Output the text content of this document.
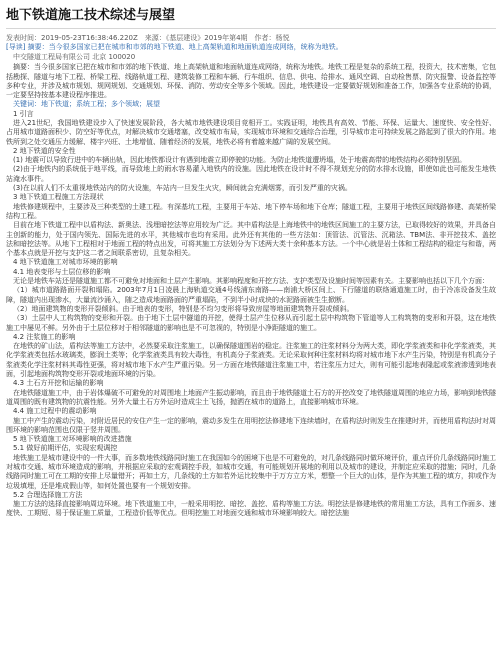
地下铁道施工技术综述与展望
发表时间：2019-05-23T16:38:46.220Z　来源：《基层建设》2019年第4期　作者：杨悦
[导读] 摘要：当今很多国家已把在城市和市郊的地下铁道、地上高架轨道和地面轨道连成网络，统称为地铁。
　中交隧道工程局有限公司 北京 100020
摘要：当今很多国家已把在城市和市郊的地下铁道、地上高架轨道和地面轨道连成网络，统称为地铁。地铁工程是复杂的系统工程，投资大，技术密集，它包括勘探、隧道与地下工程、桥梁工程、线路轨道工程、建筑装修工程和车辆、行车组织、信息、供电、给排水、通风空调、自动检售票、防灾报警、设备监控等多种专业，并涉及城市规划、规网规划、交通规划、环保、消防、劳动安全等多个领域。因此，地铁建设一定要做好规划和准备工作，加强各专业系统的协调，一定要坚持按基本建设程序推进。
关键词：地下铁道；系统工程；多个领域；展望
1 引言
进入21世纪，我国地铁建设步入了快速发展阶段，各大城市地铁建设项目竞相开工。实践证明，地铁具有高效、节能、环保、运量大、速度快、安全性好、占用城市道路面积少、防空好等优点，对解决城市交通堵塞，改变城市布局，实现城市环境和交通综合治理，引导城市走可持续发展之路起到了很大的作用。地铁所到之处交通压力缓解、楼宇兴旺、土地增值、随着经济的发展，地铁必将有着越来越广阔的发展空间。
2 地下铁道的安全性
(1) 地震可以导致行进中的车辆出轨，因此地铁都设计有遇到地震立即停驶的功能。为防止地铁道遭坍塌，处于地震高带的地铁结构必须特别坚固。
(2)由于地铁内的系统低于地平线，而导致地上的雨水容易灌入地铁内的设施。因此地铁在设计时不得不规划充分的防水排水设施，即使如此也可能发生地铁站淹水事件。
(3)在以前人们不太重视地铁站内的防火设施，车站内一旦发生火灾，瞬间就会充满烟雾，而引发严重的灾祸。
3 地下铁道工程施工方法现状
地铁修建规程中，主要涉及三种类型的土建工程。有深基坑工程，主要用于车站、地下停车场和地下仓库；隧道工程，主要用于地铁区间线路修建、高架桥梁结构工程。
目前在地下铁道工程中以盾构法、新奥法、浅埋暗挖法等应用较为广泛。其中盾构法是上海地铁中的地铁区间施工的主要方法，已取得较好的效果，并具备自主创新的能力，处于国内领先、国际先进的水平，其他城市也均有采用。此外还有其他的一些方法如：顶管法、沉管法、沉箱法、TBM法、非开挖技术、盖挖法和暗挖法等。从地下工程相对于地面工程的特点出发，可将其施工方法划分为下述两大类十余种基本方法。一个中心就是岩土体和工程结构的稳定与和谐，两个基本点就是开挖与支护这二者之间联系密切，且复杂相关。
4 地下铁道施工对城市环境的影响
4.1 地表变形与土层位移的影响
无论是地铁车站还是隧道施工都不可避免对地面和土层产生影响。其影响程度和开挖方法、支护类型及设施时间等因素有关。主要影响也括以下几个方面：
（1）城市道路路面开裂和塌陷。2003年7月1日凌晨上海轨道交通4号线浦东南路——南浦大桥区间上、下行隧道的联络通道施工时，由于冷冻设备发生故障，隧道内出现渗水，大量流沙涌入，随之造成地面路面的严重塌陷，不到半小时成块的水泥路面被生生掀断。
（2）地面建筑物的变形开裂倾斜。由于地表的变形，特别是不均匀变形将导致房屋等地面建筑物开裂或倾斜。
（3）土层中人工构筑物的变形和开裂。由于地下土层中隧道的开挖，使得土层产生位移从而引起土层中构筑物下管道等人工构筑物的变形和开裂，这在地铁施工中屡见不鲜。另外由于土层位移对于相邻隧道的影响也是不可忽视的，特别是小净距隧道的施工。
4.2 注浆施工的影响
在地铁的矿山法，盾构法等施工方法中，必然要采取注浆施工，以确保隧道围岩的稳定。注浆施工的注浆材料分为两大类，即化学浆液类和非化学浆液类，其化学浆液类包括水玻璃类，膨润土类等；化学浆液类具有较大毒性，有机高分子浆液类。无论采取何种注浆材料均将对城市地下水产生污染，特别是有机高分子浆液类化学注浆材料其毒性更强，将对城市地下水产生严重污染。另一方面在地铁隧道注浆施工中，若注浆压力过大，则有可能引起地表隆起或浆液渗透到地表面，引起地面构筑物变形开裂或地面环境的污染。
4.3 土石方开挖和运输的影响
在地铁隧道施工中，由于岩体爆破不可避免的对周围地上地面产生振动影响，而且由于地铁隧道土石方的开挖改变了地铁隧道周围的地应力场，影响到地铁隧道周围的既有建筑物的抗震性能。另外大量土石方外运时造成尘土飞扬，抛洒在城市的道路上，直接影响城市环境。
4.4 施工过程中的震动影响
施工中产生的震动污染，对附近居民的安住产生一定的影响，震动多发生在用明挖法修建地下连续墙时，在盾构法时则发生在推建时并，而使用盾构法时对周围环境的影响范围也仅限于竖井周围。
5 地下铁道施工对环境影响的改进措施
5.1 做好前期评估，实现宏观调控
地铁施工是城市建设中的一件大事，而多数地铁线路同时施工在我国如今的困境下也是不可避免的，对几条线路同时做环境评价，重点评价几条线路同时施工对城市交通、城市环境造成的影响，并根据应采取的宏观调控手段，如城市交通，有可能规划开展地的利用以及城市的建设，并制定应采取的措施；同时，几条线路同时施工可在工期的安排上尽量错开；再如土方，几条线的土方如若外运比较集中于万方立方米，想整一个巨大的山体，是作为其施工程的填方，抑或作为垃圾填埋，还是堆成假山等，如何处置也要有一个规划安排。
5.2 合理选择施工方法
施工方法的选择直接影响周边环境。地下铁道施工中，一般采用明挖、暗挖、盖挖、盾构等施工方法。明挖法是修建地铁的常用施工方法，具有工作面多、速度快、工期短、易于保证施工质量，工程造价低等优点。但明挖施工对地面交通和城市环境影响较大。暗挖法施
